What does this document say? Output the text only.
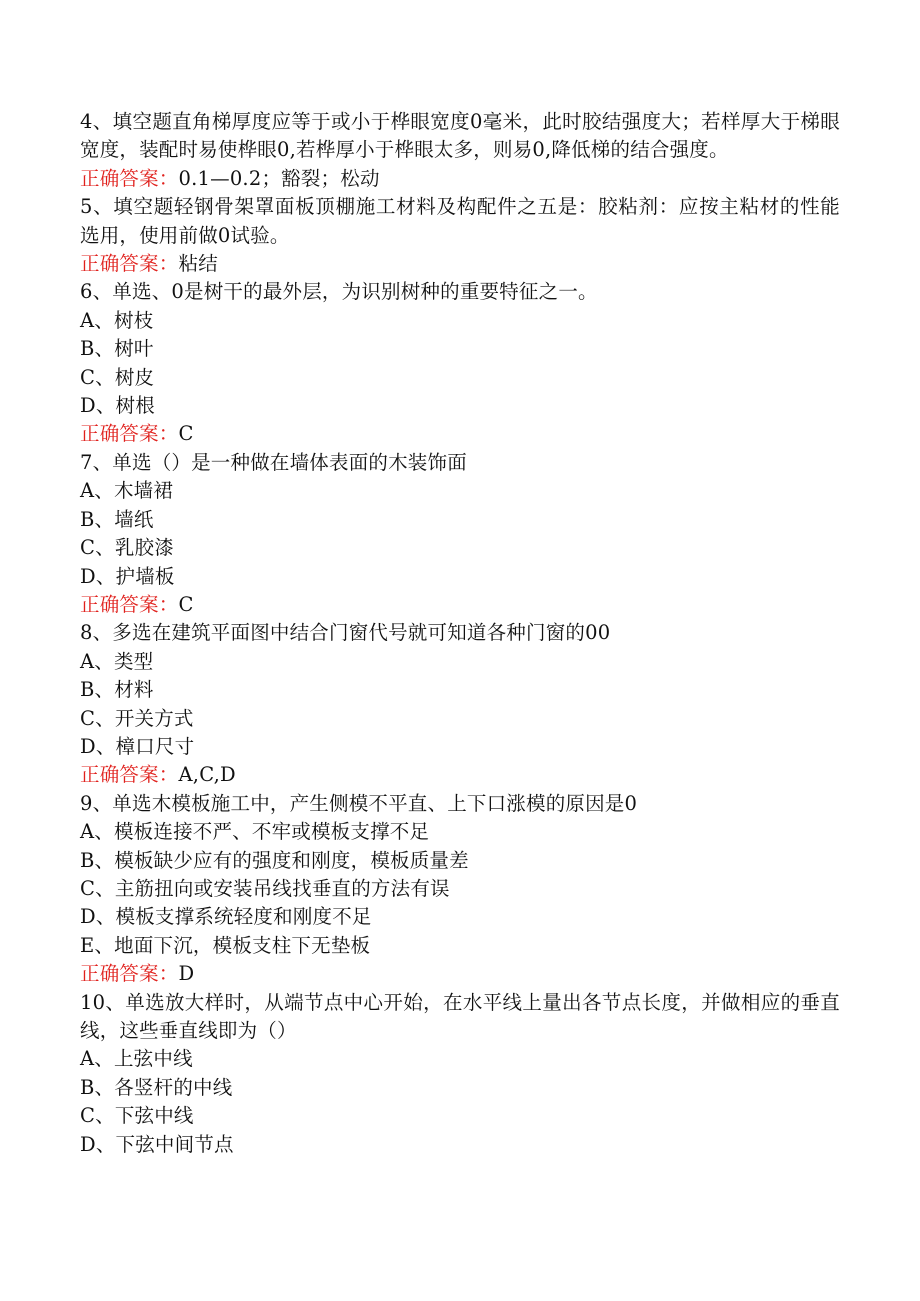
4、填空题直角梯厚度应等于或小于桦眼宽度0毫米，此时胶结强度大；若样厚大于梯眼宽度，装配时易使桦眼0,若桦厚小于桦眼太多，则易0,降低梯的结合强度。
正确答案：0.1—0.2；豁裂；松动
5、填空题轻钢骨架罩面板顶棚施工材料及构配件之五是：胶粘剂：应按主粘材的性能选用，使用前做0试验。
正确答案：粘结
6、单选、0是树干的最外层，为识别树种的重要特征之一。
A、树枝
B、树叶
C、树皮
D、树根
正确答案：C
7、单选（）是一种做在墙体表面的木装饰面
A、木墙裙
B、墙纸
C、乳胶漆
D、护墙板
正确答案：C
8、多选在建筑平面图中结合门窗代号就可知道各种门窗的00
A、类型
B、材料
C、开关方式
D、樟口尺寸
正确答案：A,C,D
9、单选木模板施工中，产生侧模不平直、上下口涨模的原因是0
A、模板连接不严、不牢或模板支撑不足
B、模板缺少应有的强度和刚度，模板质量差
C、主筋扭向或安装吊线找垂直的方法有误
D、模板支撑系统轻度和刚度不足
E、地面下沉，模板支柱下无垫板
正确答案：D
10、单选放大样时，从端节点中心开始，在水平线上量出各节点长度，并做相应的垂直线，这些垂直线即为（）
A、上弦中线
B、各竖杆的中线
C、下弦中线
D、下弦中间节点
